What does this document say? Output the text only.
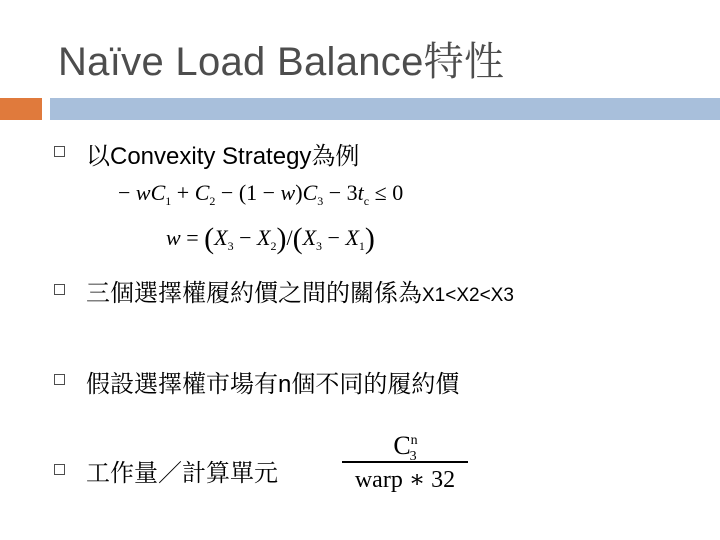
Naïve Load Balance特性
以Convexity Strategy為例
− $wC_1 + C_2 - (1 - w)C_3 - 3t_c \le 0$
$w = (X_3 - X_2)/(X_3 - X_1)$
三個選擇權履約價之間的關係為X1<X2<X3
假設選擇權市場有n個不同的履約價
工作量／計算單元
$C^n_3$
warp ∗ 32
